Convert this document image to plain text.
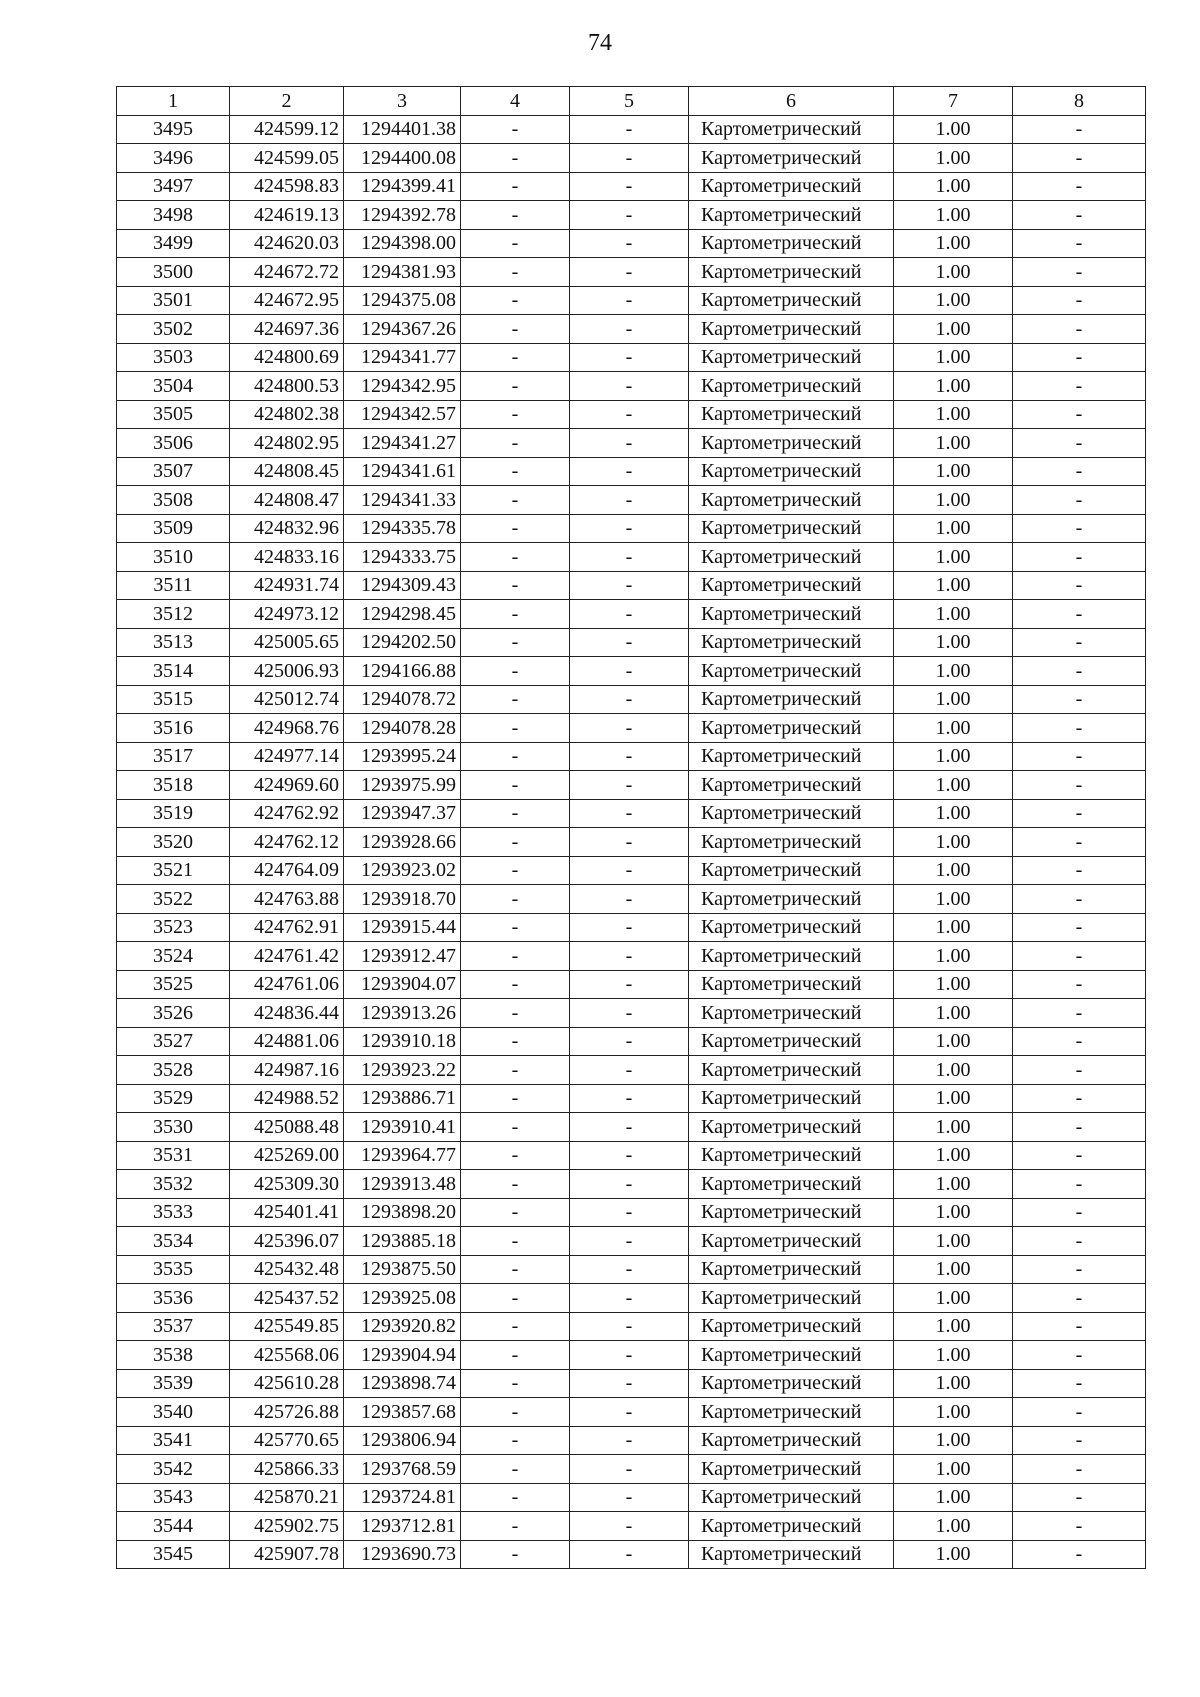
74
1	2	3	4	5	6	7	8
3495	424599.12	1294401.38	-	-	Картометрический	1.00	-
3496	424599.05	1294400.08	-	-	Картометрический	1.00	-
3497	424598.83	1294399.41	-	-	Картометрический	1.00	-
3498	424619.13	1294392.78	-	-	Картометрический	1.00	-
3499	424620.03	1294398.00	-	-	Картометрический	1.00	-
3500	424672.72	1294381.93	-	-	Картометрический	1.00	-
3501	424672.95	1294375.08	-	-	Картометрический	1.00	-
3502	424697.36	1294367.26	-	-	Картометрический	1.00	-
3503	424800.69	1294341.77	-	-	Картометрический	1.00	-
3504	424800.53	1294342.95	-	-	Картометрический	1.00	-
3505	424802.38	1294342.57	-	-	Картометрический	1.00	-
3506	424802.95	1294341.27	-	-	Картометрический	1.00	-
3507	424808.45	1294341.61	-	-	Картометрический	1.00	-
3508	424808.47	1294341.33	-	-	Картометрический	1.00	-
3509	424832.96	1294335.78	-	-	Картометрический	1.00	-
3510	424833.16	1294333.75	-	-	Картометрический	1.00	-
3511	424931.74	1294309.43	-	-	Картометрический	1.00	-
3512	424973.12	1294298.45	-	-	Картометрический	1.00	-
3513	425005.65	1294202.50	-	-	Картометрический	1.00	-
3514	425006.93	1294166.88	-	-	Картометрический	1.00	-
3515	425012.74	1294078.72	-	-	Картометрический	1.00	-
3516	424968.76	1294078.28	-	-	Картометрический	1.00	-
3517	424977.14	1293995.24	-	-	Картометрический	1.00	-
3518	424969.60	1293975.99	-	-	Картометрический	1.00	-
3519	424762.92	1293947.37	-	-	Картометрический	1.00	-
3520	424762.12	1293928.66	-	-	Картометрический	1.00	-
3521	424764.09	1293923.02	-	-	Картометрический	1.00	-
3522	424763.88	1293918.70	-	-	Картометрический	1.00	-
3523	424762.91	1293915.44	-	-	Картометрический	1.00	-
3524	424761.42	1293912.47	-	-	Картометрический	1.00	-
3525	424761.06	1293904.07	-	-	Картометрический	1.00	-
3526	424836.44	1293913.26	-	-	Картометрический	1.00	-
3527	424881.06	1293910.18	-	-	Картометрический	1.00	-
3528	424987.16	1293923.22	-	-	Картометрический	1.00	-
3529	424988.52	1293886.71	-	-	Картометрический	1.00	-
3530	425088.48	1293910.41	-	-	Картометрический	1.00	-
3531	425269.00	1293964.77	-	-	Картометрический	1.00	-
3532	425309.30	1293913.48	-	-	Картометрический	1.00	-
3533	425401.41	1293898.20	-	-	Картометрический	1.00	-
3534	425396.07	1293885.18	-	-	Картометрический	1.00	-
3535	425432.48	1293875.50	-	-	Картометрический	1.00	-
3536	425437.52	1293925.08	-	-	Картометрический	1.00	-
3537	425549.85	1293920.82	-	-	Картометрический	1.00	-
3538	425568.06	1293904.94	-	-	Картометрический	1.00	-
3539	425610.28	1293898.74	-	-	Картометрический	1.00	-
3540	425726.88	1293857.68	-	-	Картометрический	1.00	-
3541	425770.65	1293806.94	-	-	Картометрический	1.00	-
3542	425866.33	1293768.59	-	-	Картометрический	1.00	-
3543	425870.21	1293724.81	-	-	Картометрический	1.00	-
3544	425902.75	1293712.81	-	-	Картометрический	1.00	-
3545	425907.78	1293690.73	-	-	Картометрический	1.00	-
